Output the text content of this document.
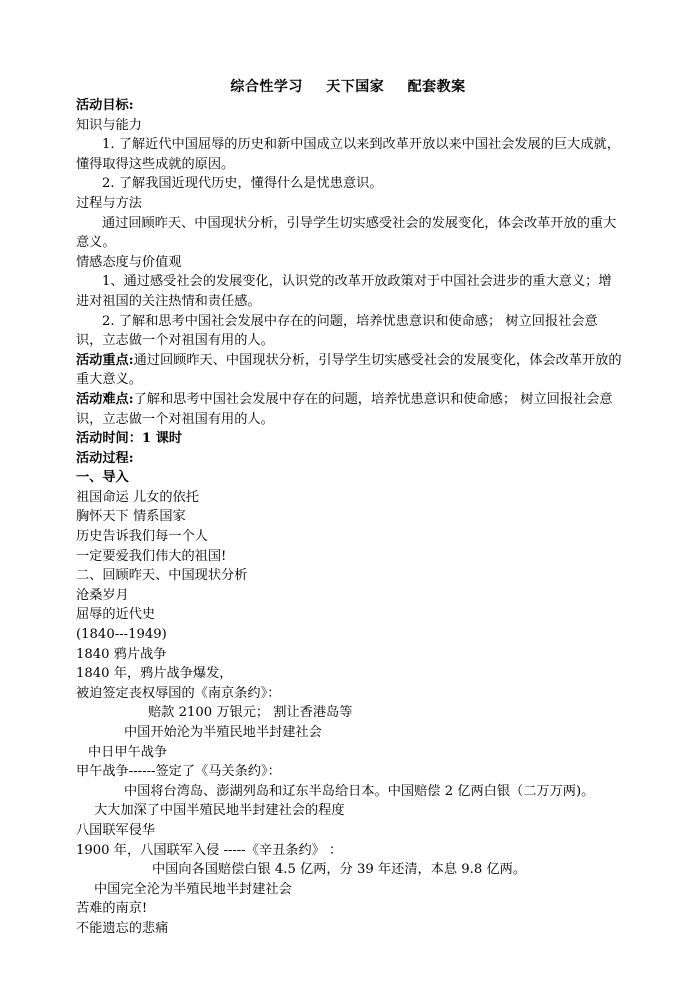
综合性学习 天下国家 配套教案

活动目标:

知识与能力

1. 了解近代中国屈辱的历史和新中国成立以来到改革开放以来中国社会发展的巨大成就，懂得取得这些成就的原因。

2. 了解我国近现代历史，懂得什么是忧患意识。

过程与方法

通过回顾昨天、中国现状分析，引导学生切实感受社会的发展变化，体会改革开放的重大意义。

情感态度与价值观

1、通过感受社会的发展变化，认识党的改革开放政策对于中国社会进步的重大意义；增进对祖国的关注热情和责任感。

2. 了解和思考中国社会发展中存在的问题，培养忧患意识和使命感； 树立回报社会意识，立志做一个对祖国有用的人。

活动重点:通过回顾昨天、中国现状分析，引导学生切实感受社会的发展变化，体会改革开放的重大意义。

活动难点:了解和思考中国社会发展中存在的问题，培养忧患意识和使命感； 树立回报社会意识，立志做一个对祖国有用的人。

活动时间：1 课时

活动过程:

一、导入

祖国命运 儿女的依托

胸怀天下 情系国家

历史告诉我们每一个人

一定要爱我们伟大的祖国!

二、回顾昨天、中国现状分析

沧桑岁月

屈辱的近代史

(1840---1949)

1840 鸦片战争

1840 年，鸦片战争爆发，

被迫签定丧权辱国的《南京条约》：

赔款 2100 万银元； 割让香港岛等

中国开始沦为半殖民地半封建社会

中日甲午战争

甲午战争------签定了《马关条约》：

中国将台湾岛、澎湖列岛和辽东半岛给日本。中国赔偿 2 亿两白银（二万万两)。

大大加深了中国半殖民地半封建社会的程度

八国联军侵华

1900 年，八国联军入侵 -----《辛丑条约》 ：

中国向各国赔偿白银 4.5 亿两，分 39 年还清，本息 9.8 亿两。

中国完全沦为半殖民地半封建社会

苦难的南京!

不能遗忘的悲痛
